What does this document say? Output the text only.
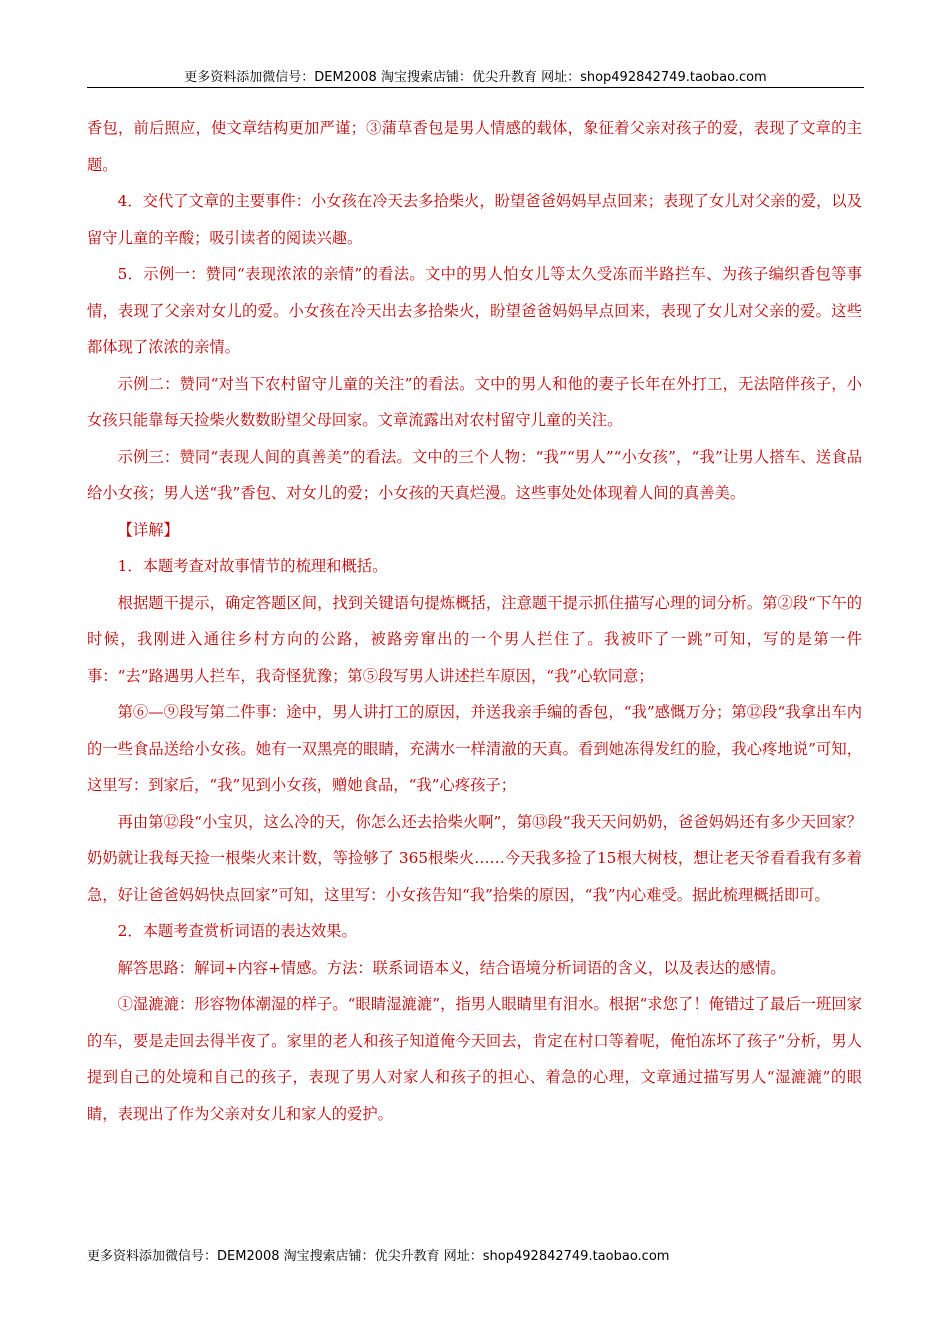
更多资料添加微信号：DEM2008 淘宝搜索店铺：优尖升教育 网址：shop492842749.taobao.com

香包，前后照应，使文章结构更加严谨；③蒲草香包是男人情感的载体，象征着父亲对孩子的爱，表现了文章的主题。

4．交代了文章的主要事件：小女孩在冷天去多拾柴火，盼望爸爸妈妈早点回来；表现了女儿对父亲的爱，以及留守儿童的辛酸；吸引读者的阅读兴趣。

5．示例一：赞同“表现浓浓的亲情”的看法。文中的男人怕女儿等太久受冻而半路拦车、为孩子编织香包等事情，表现了父亲对女儿的爱。小女孩在冷天出去多拾柴火，盼望爸爸妈妈早点回来，表现了女儿对父亲的爱。这些都体现了浓浓的亲情。

示例二：赞同“对当下农村留守儿童的关注”的看法。文中的男人和他的妻子长年在外打工，无法陪伴孩子，小女孩只能靠每天捡柴火数数盼望父母回家。文章流露出对农村留守儿童的关注。

示例三：赞同“表现人间的真善美”的看法。文中的三个人物：“我”“男人”“小女孩”，“我”让男人搭车、送食品给小女孩；男人送“我”香包、对女儿的爱；小女孩的天真烂漫。这些事处处体现着人间的真善美。

【详解】

1．本题考查对故事情节的梳理和概括。

根据题干提示，确定答题区间，找到关键语句提炼概括，注意题干提示抓住描写心理的词分析。第②段“下午的时候，我刚进入通往乡村方向的公路，被路旁窜出的一个男人拦住了。我被吓了一跳”可知，写的是第一件事：“去”路遇男人拦车，我奇怪犹豫；第⑤段写男人讲述拦车原因，“我”心软同意；

第⑥—⑨段写第二件事：途中，男人讲打工的原因，并送我亲手编的香包，“我”感慨万分；第⑫段“我拿出车内的一些食品送给小女孩。她有一双黑亮的眼睛，充满水一样清澈的天真。看到她冻得发红的脸，我心疼地说”可知，这里写：到家后，“我”见到小女孩，赠她食品，“我”心疼孩子；

再由第⑫段“小宝贝，这么冷的天，你怎么还去拾柴火啊”，第⑬段“我天天问奶奶，爸爸妈妈还有多少天回家？奶奶就让我每天捡一根柴火来计数，等捡够了 365根柴火……今天我多捡了15根大树枝，想让老天爷看看我有多着急，好让爸爸妈妈快点回家”可知，这里写：小女孩告知“我”拾柴的原因，“我”内心难受。据此梳理概括即可。

2．本题考查赏析词语的表达效果。

解答思路：解词+内容+情感。方法：联系词语本义，结合语境分析词语的含义，以及表达的感情。

①湿漉漉：形容物体潮湿的样子。“眼睛湿漉漉”，指男人眼睛里有泪水。根据“求您了！俺错过了最后一班回家的车，要是走回去得半夜了。家里的老人和孩子知道俺今天回去，肯定在村口等着呢，俺怕冻坏了孩子”分析，男人提到自己的处境和自己的孩子，表现了男人对家人和孩子的担心、着急的心理，文章通过描写男人“湿漉漉”的眼睛，表现出了作为父亲对女儿和家人的爱护。

更多资料添加微信号：DEM2008 淘宝搜索店铺：优尖升教育 网址：shop492842749.taobao.com
